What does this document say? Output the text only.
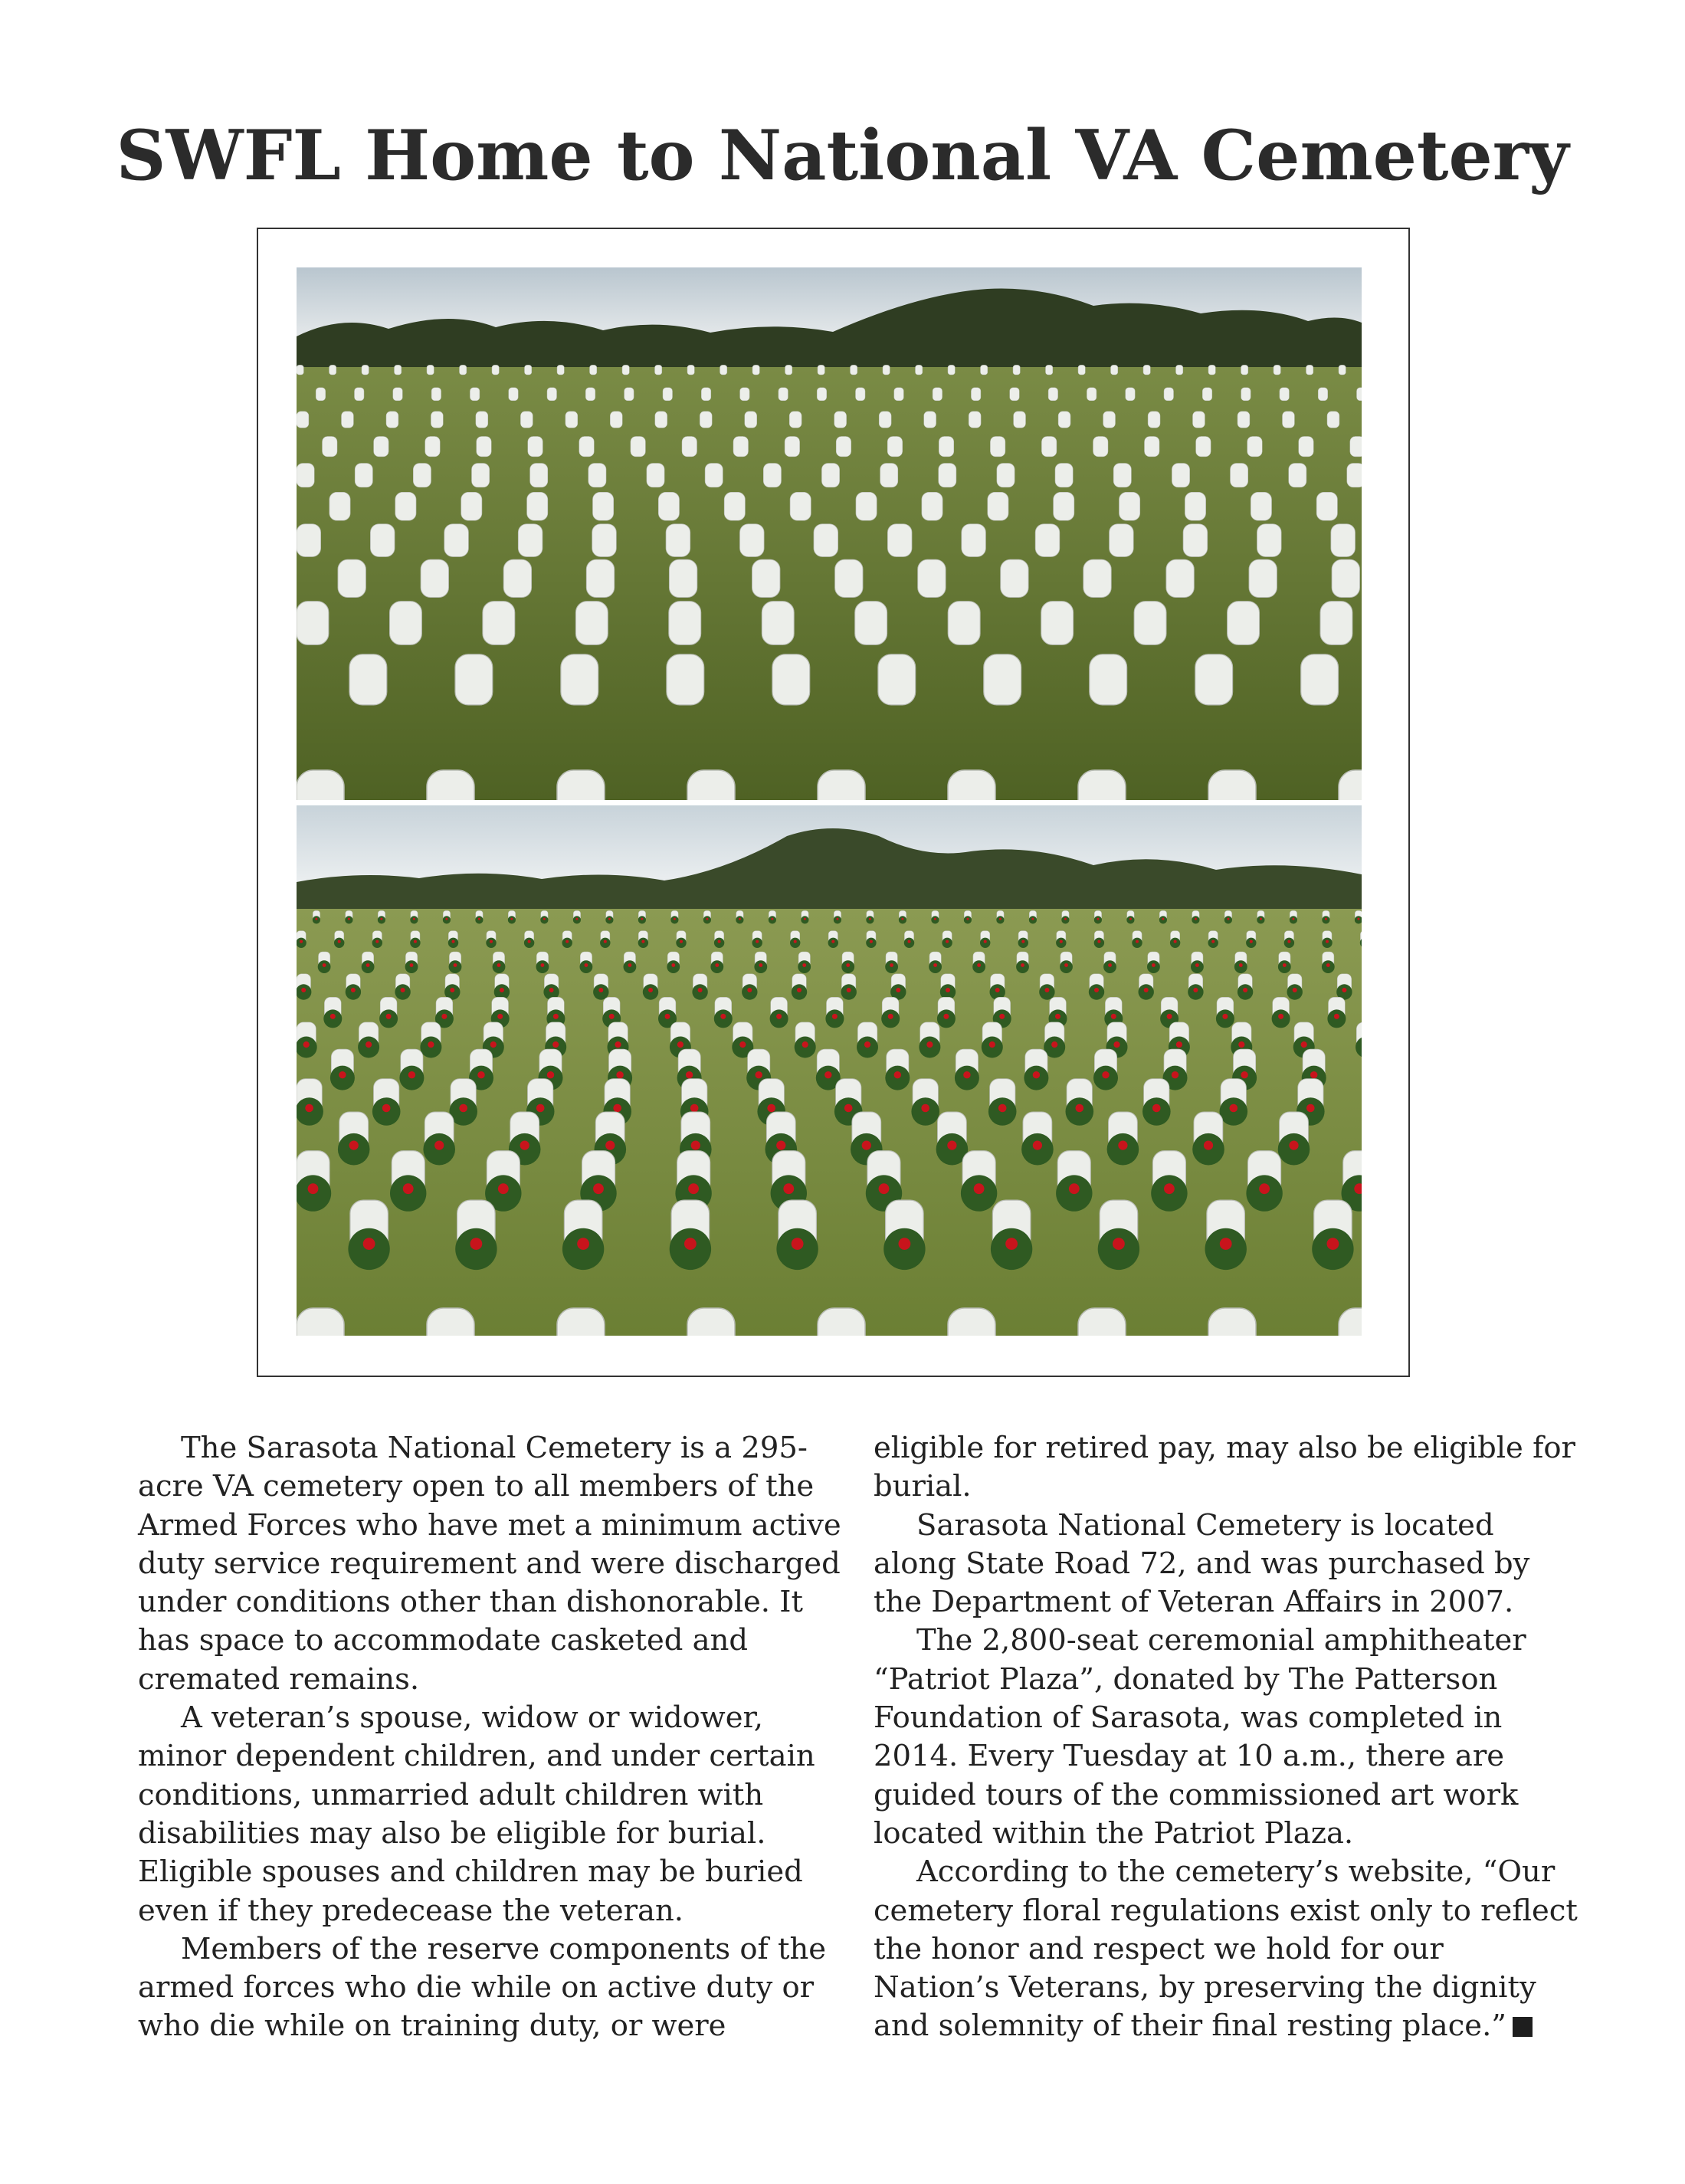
SWFL Home to National VA Cemetery
The Sarasota National Cemetery is a 295-
acre VA cemetery open to all members of the
Armed Forces who have met a minimum active
duty service requirement and were discharged
under conditions other than dishonorable. It
has space to accommodate casketed and
cremated remains.
A veteran’s spouse, widow or widower,
minor dependent children, and under certain
conditions, unmarried adult children with
disabilities may also be eligible for burial.
Eligible spouses and children may be buried
even if they predecease the veteran.
Members of the reserve components of the
armed forces who die while on active duty or
who die while on training duty, or were
eligible for retired pay, may also be eligible for
burial.
Sarasota National Cemetery is located
along State Road 72, and was purchased by
the Department of Veteran Affairs in 2007.
The 2,800-seat ceremonial amphitheater
“Patriot Plaza”, donated by The Patterson
Foundation of Sarasota, was completed in
2014. Every Tuesday at 10 a.m., there are
guided tours of the commissioned art work
located within the Patriot Plaza.
According to the cemetery’s website, “Our
cemetery floral regulations exist only to reflect
the honor and respect we hold for our
Nation’s Veterans, by preserving the dignity
and solemnity of their final resting place.”
